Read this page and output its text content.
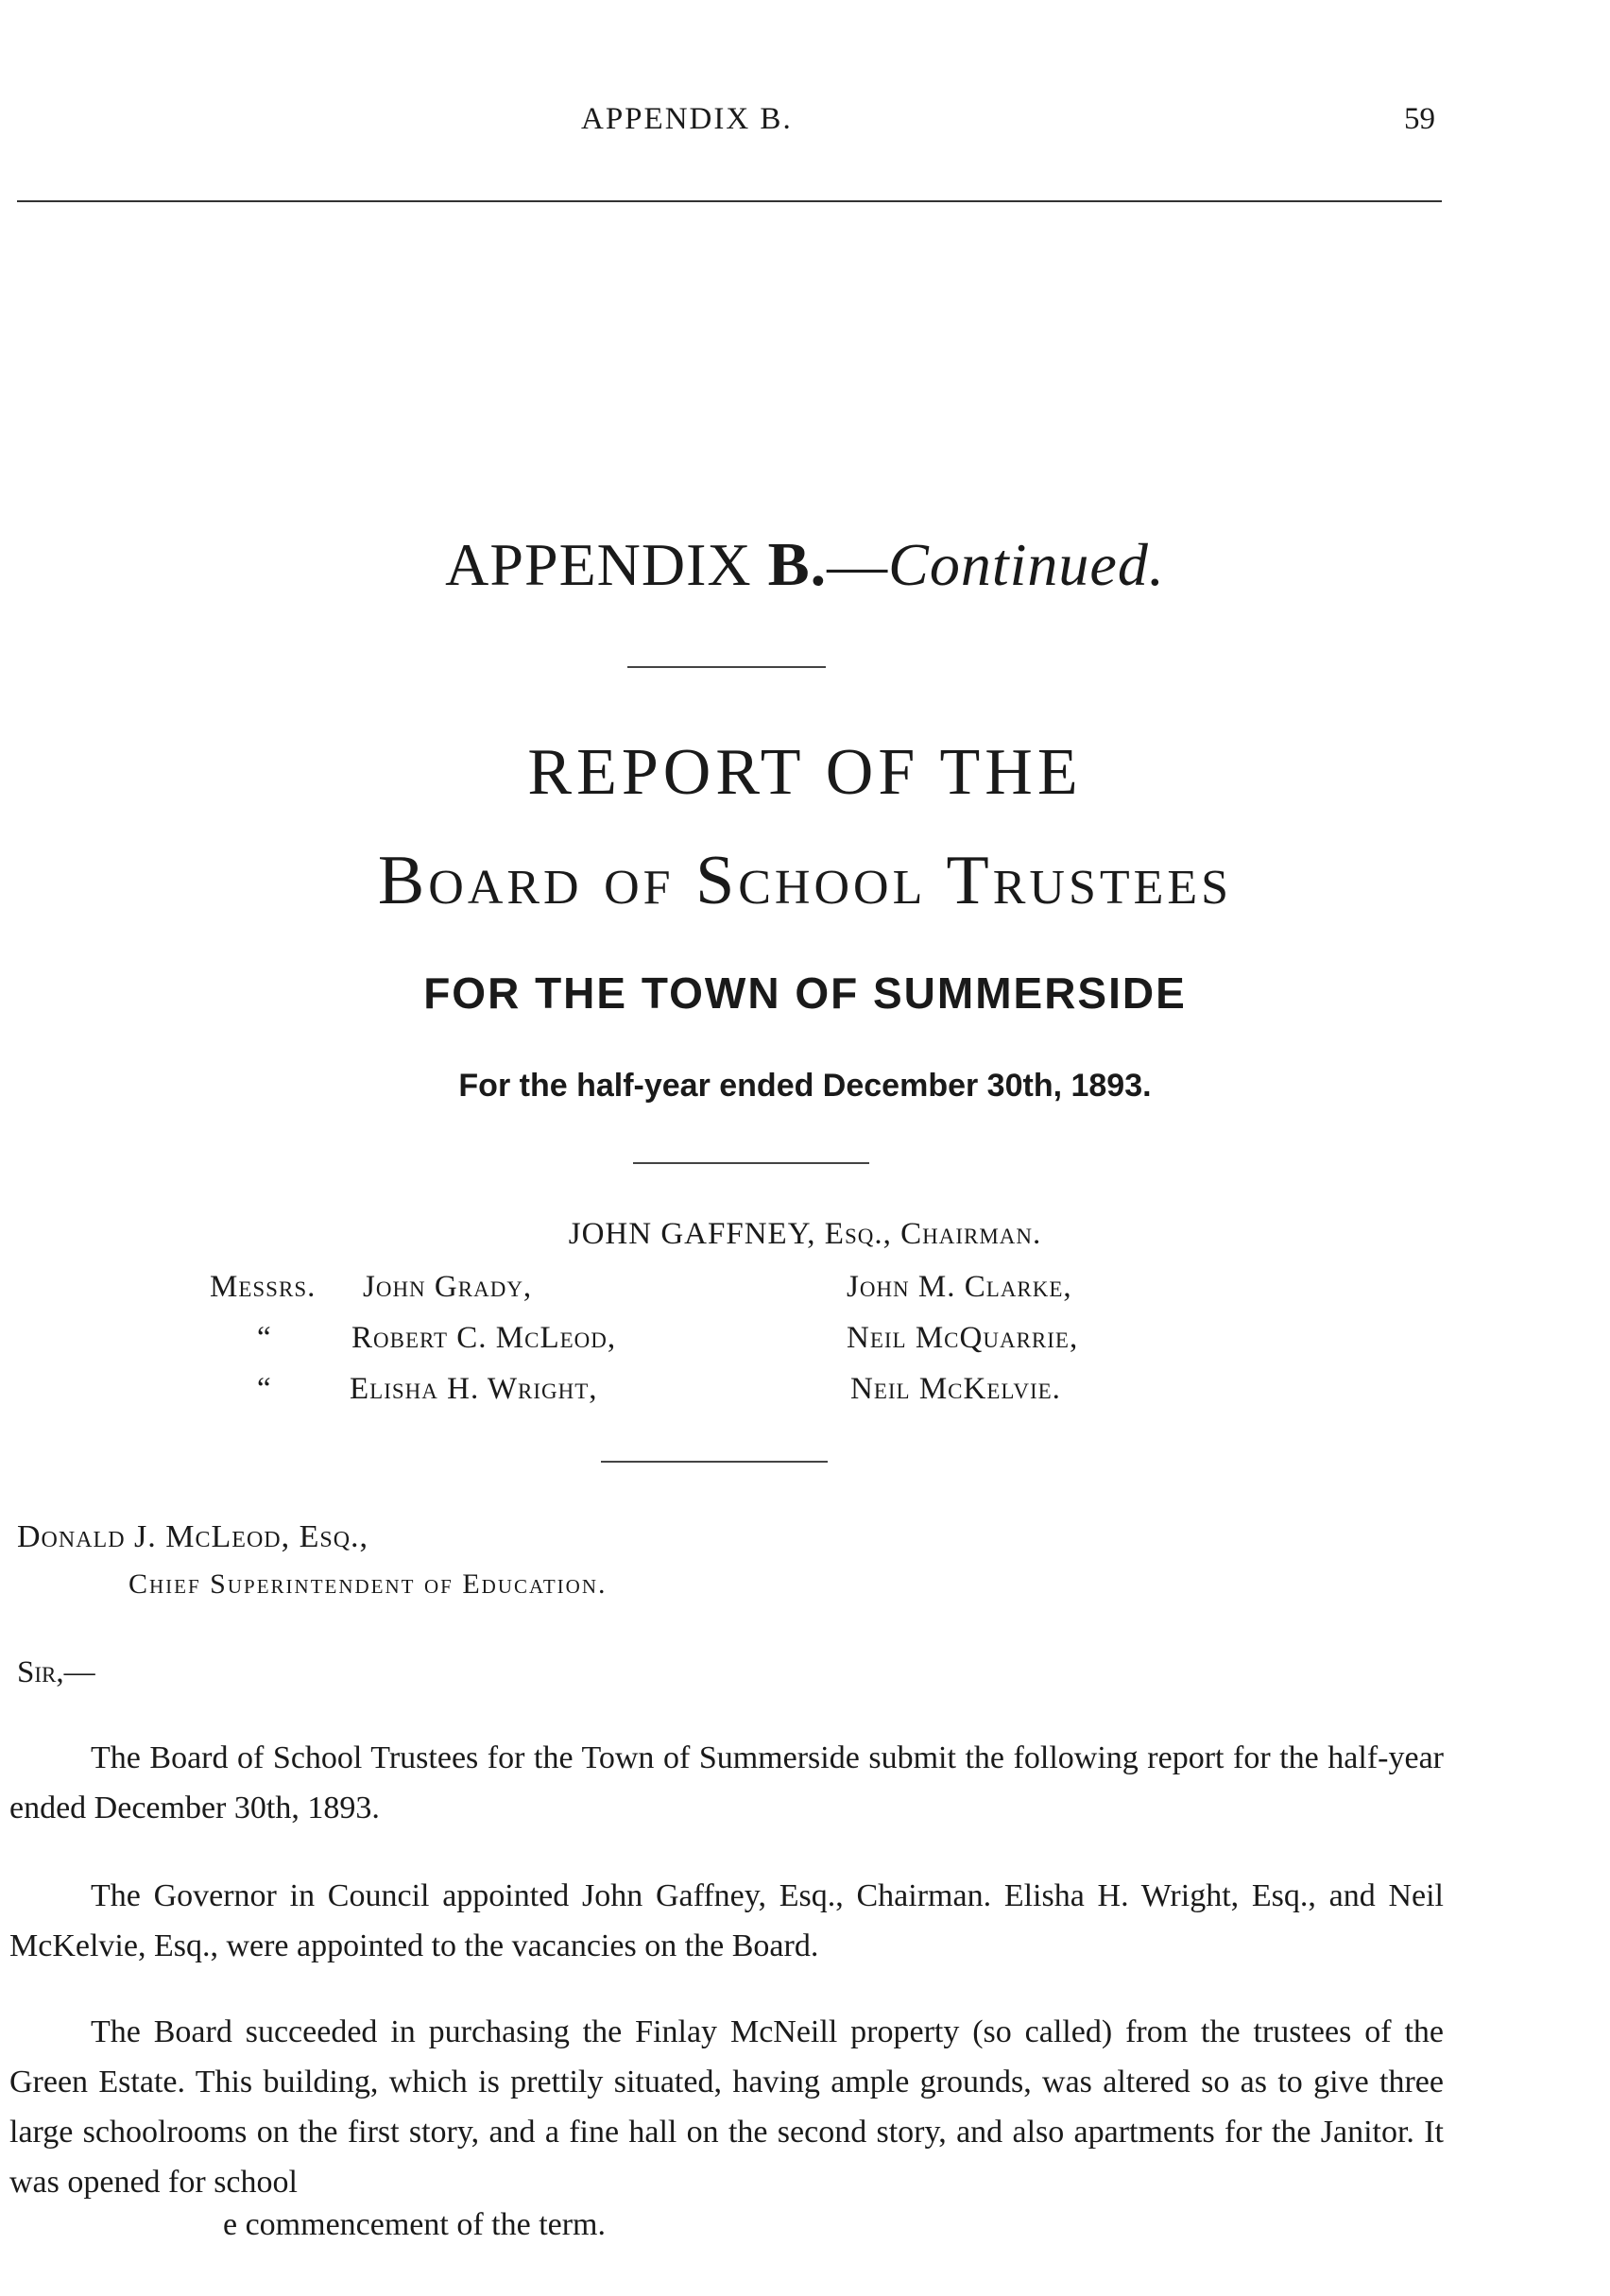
APPENDIX B.	59
APPENDIX B.—Continued.
REPORT OF THE
Board of School Trustees
FOR THE TOWN OF SUMMERSIDE
For the half-year ended December 30th, 1893.
JOHN GAFFNEY, Esq., Chairman.
Messrs. John Grady,
“	Robert C. McLeod,
“ Elisha H. Wright,
John M. Clarke,
Neil McQuarrie,
Neil McKelvie.
Donald J. McLeod, Esq.,
Chief Superintendent of Education.
Sir,—

The Board of School Trustees for the Town of Summerside submit the following report for the half-year ended December 30th, 1893.

The Governor in Council appointed John Gaffney, Esq., Chairman. Elisha H. Wright, Esq., and Neil McKelvie, Esq., were appointed to the vacancies on the Board.

The Board succeeded in purchasing the Finlay McNeill property (so called) from the trustees of the Green Estate. This building, which is prettily situated, having ample grounds, was altered so as to give three large schoolrooms on the first story, and a fine hall on the second story, and also apartments for the Janitor. It was opened for school

e commencement of the term.
